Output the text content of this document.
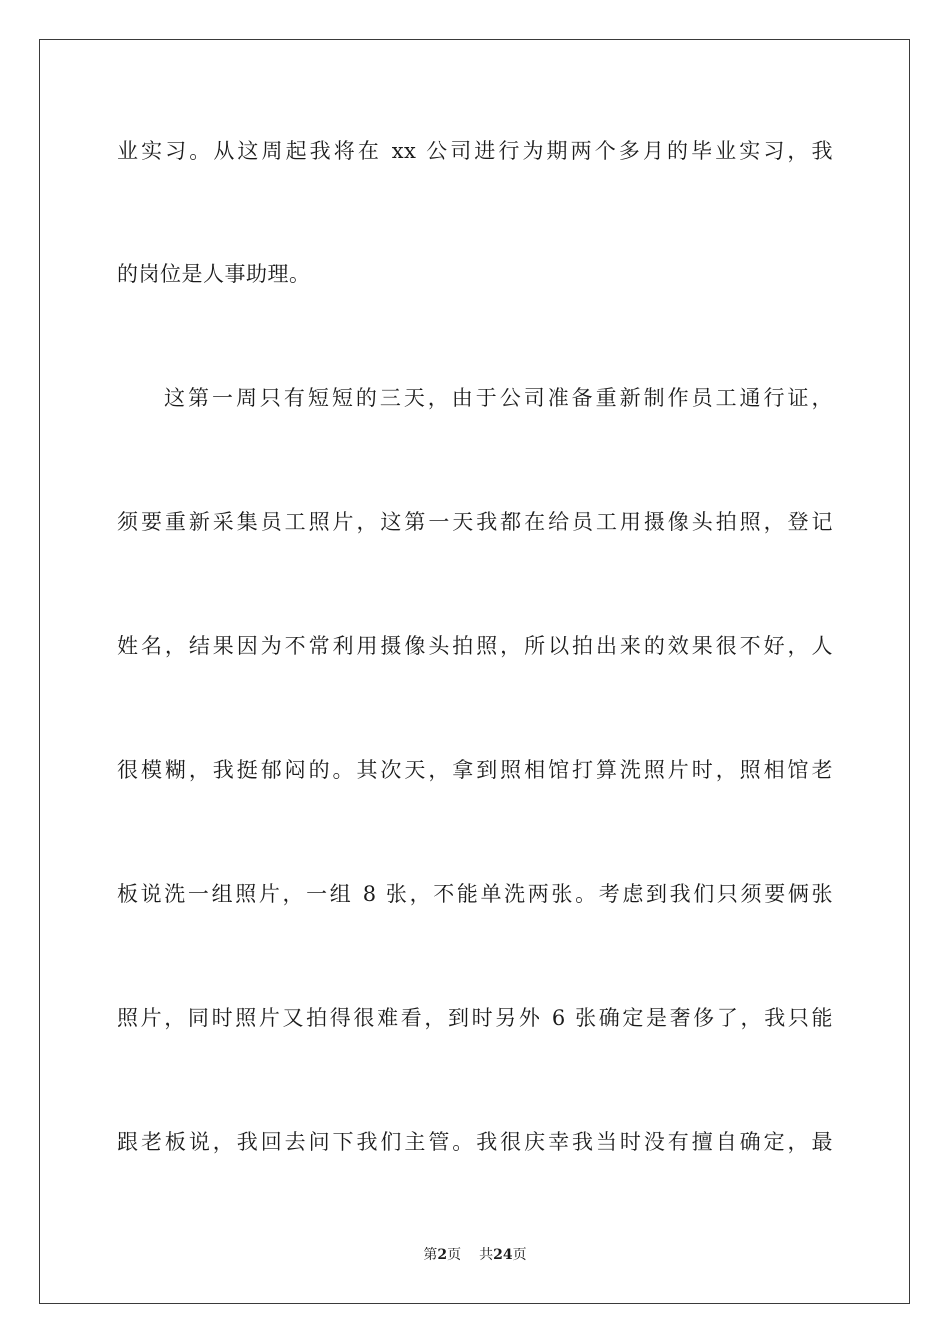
业实习。从这周起我将在 xx 公司进行为期两个多月的毕业实习，我
的岗位是人事助理。
这第一周只有短短的三天，由于公司准备重新制作员工通行证，
须要重新采集员工照片，这第一天我都在给员工用摄像头拍照，登记
姓名，结果因为不常利用摄像头拍照，所以拍出来的效果很不好，人
很模糊，我挺郁闷的。其次天，拿到照相馆打算洗照片时，照相馆老
板说洗一组照片，一组 8 张，不能单洗两张。考虑到我们只须要俩张
照片，同时照片又拍得很难看，到时另外 6 张确定是奢侈了，我只能
跟老板说，我回去问下我们主管。我很庆幸我当时没有擅自确定，最
第2页 共24页
